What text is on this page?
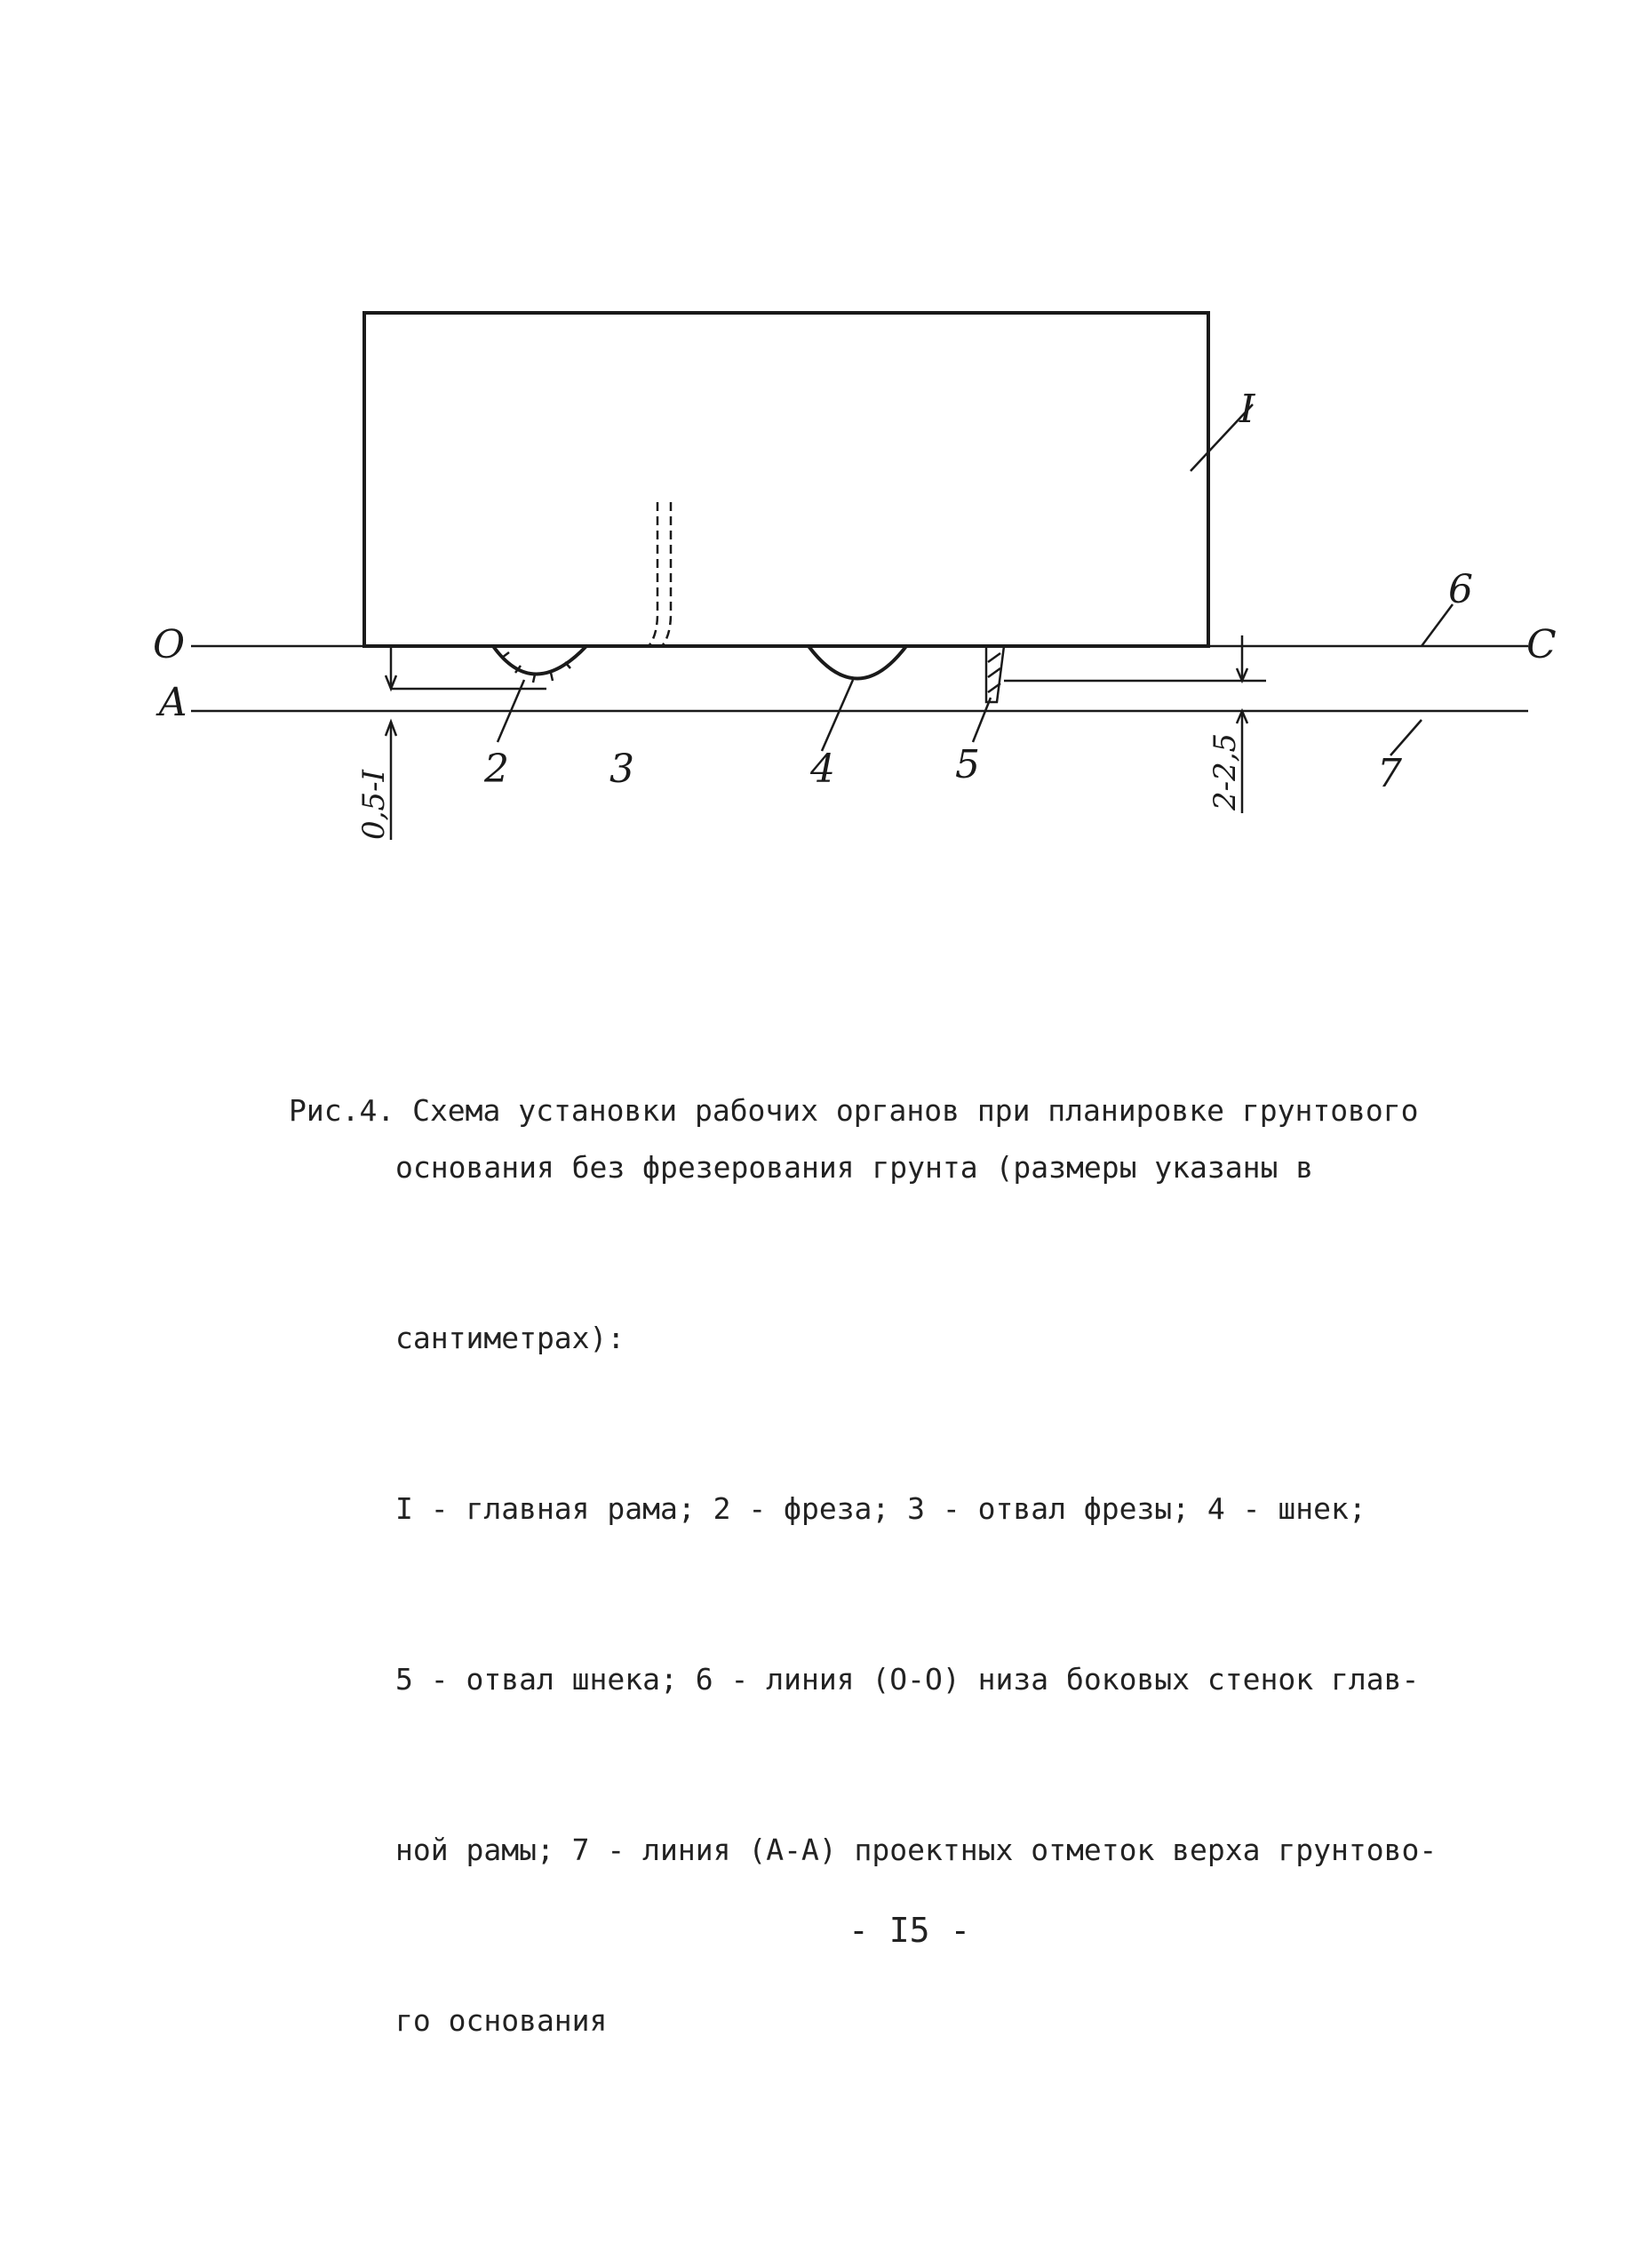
О	С
А
I
2	3	4	5
6
7
0,5-I	2-2,5

Рис.4. Схема установки рабочих органов при планировке грунтового

основания без фрезерования грунта (размеры указаны в

сантиметрах):

I - главная рама; 2 - фреза; 3 - отвал фрезы; 4 - шнек;

5 - отвал шнека; 6 - линия (О-О) низа боковых стенок глав-

ной рамы; 7 - линия (А-А) проектных отметок верха грунтово-

го основания

- I5 -
